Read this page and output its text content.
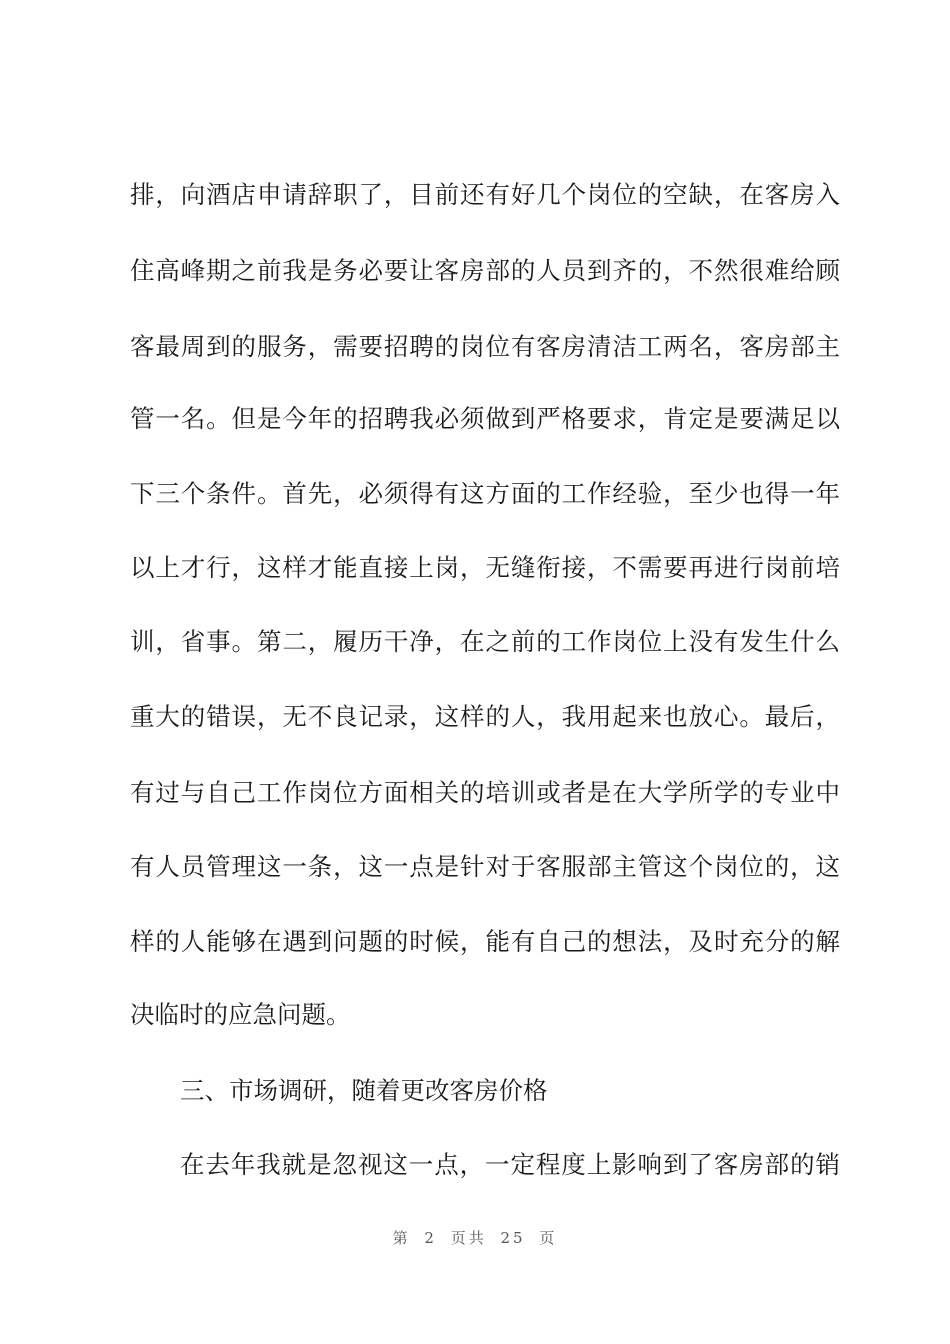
排，向酒店申请辞职了，目前还有好几个岗位的空缺，在客房入
住高峰期之前我是务必要让客房部的人员到齐的，不然很难给顾
客最周到的服务，需要招聘的岗位有客房清洁工两名，客房部主
管一名。但是今年的招聘我必须做到严格要求，肯定是要满足以
下三个条件。首先，必须得有这方面的工作经验，至少也得一年
以上才行，这样才能直接上岗，无缝衔接，不需要再进行岗前培
训，省事。第二，履历干净，在之前的工作岗位上没有发生什么
重大的错误，无不良记录，这样的人，我用起来也放心。最后，
有过与自己工作岗位方面相关的培训或者是在大学所学的专业中
有人员管理这一条，这一点是针对于客服部主管这个岗位的，这
样的人能够在遇到问题的时候，能有自己的想法，及时充分的解
决临时的应急问题。
三、市场调研，随着更改客房价格
在去年我就是忽视这一点，一定程度上影响到了客房部的销
第 2 页共 25 页
